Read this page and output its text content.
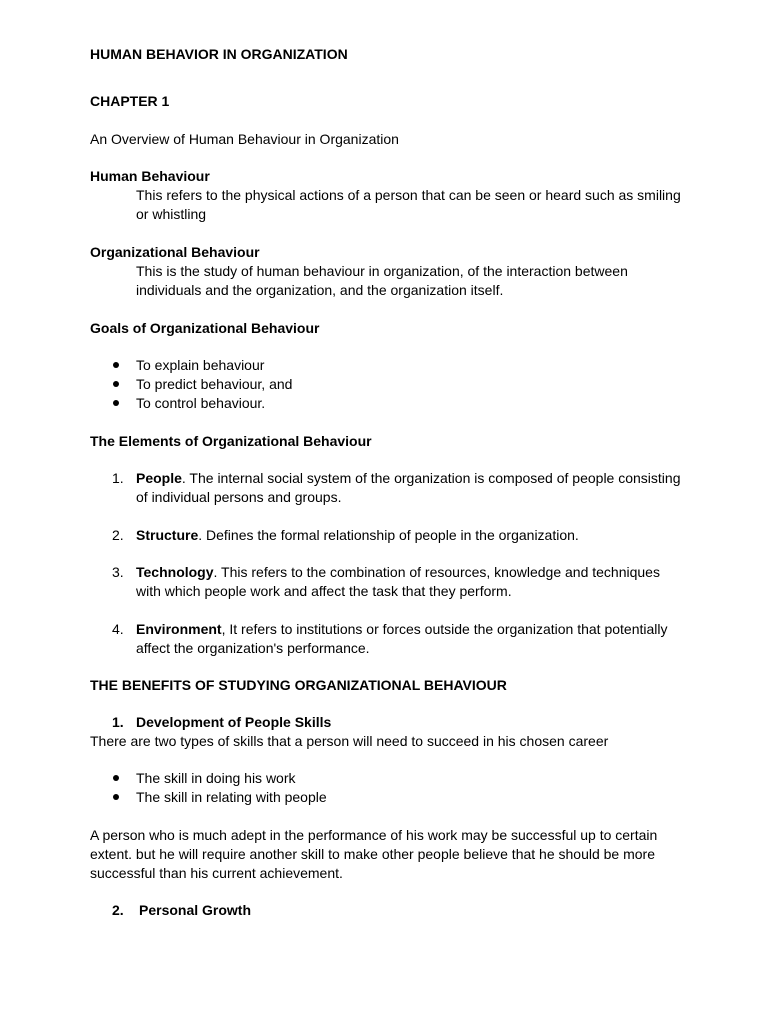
HUMAN BEHAVIOR IN ORGANIZATION
CHAPTER 1
An Overview of Human Behaviour in Organization
Human Behaviour
This refers to the physical actions of a person that can be seen or heard such as smiling
or whistling
Organizational Behaviour
This is the study of human behaviour in organization, of the interaction between
individuals and the organization, and the organization itself.
Goals of Organizational Behaviour
To explain behaviour
To predict behaviour, and
To control behaviour.
The Elements of Organizational Behaviour
1. People. The internal social system of the organization is composed of people consisting
of individual persons and groups.
2. Structure. Defines the formal relationship of people in the organization.
3. Technology. This refers to the combination of resources, knowledge and techniques
with which people work and affect the task that they perform.
4. Environment, It refers to institutions or forces outside the organization that potentially
affect the organization's performance.
THE BENEFITS OF STUDYING ORGANIZATIONAL BEHAVIOUR
1. Development of People Skills
There are two types of skills that a person will need to succeed in his chosen career
The skill in doing his work
The skill in relating with people
A person who is much adept in the performance of his work may be successful up to certain
extent. but he will require another skill to make other people believe that he should be more
successful than his current achievement.
2. Personal Growth
